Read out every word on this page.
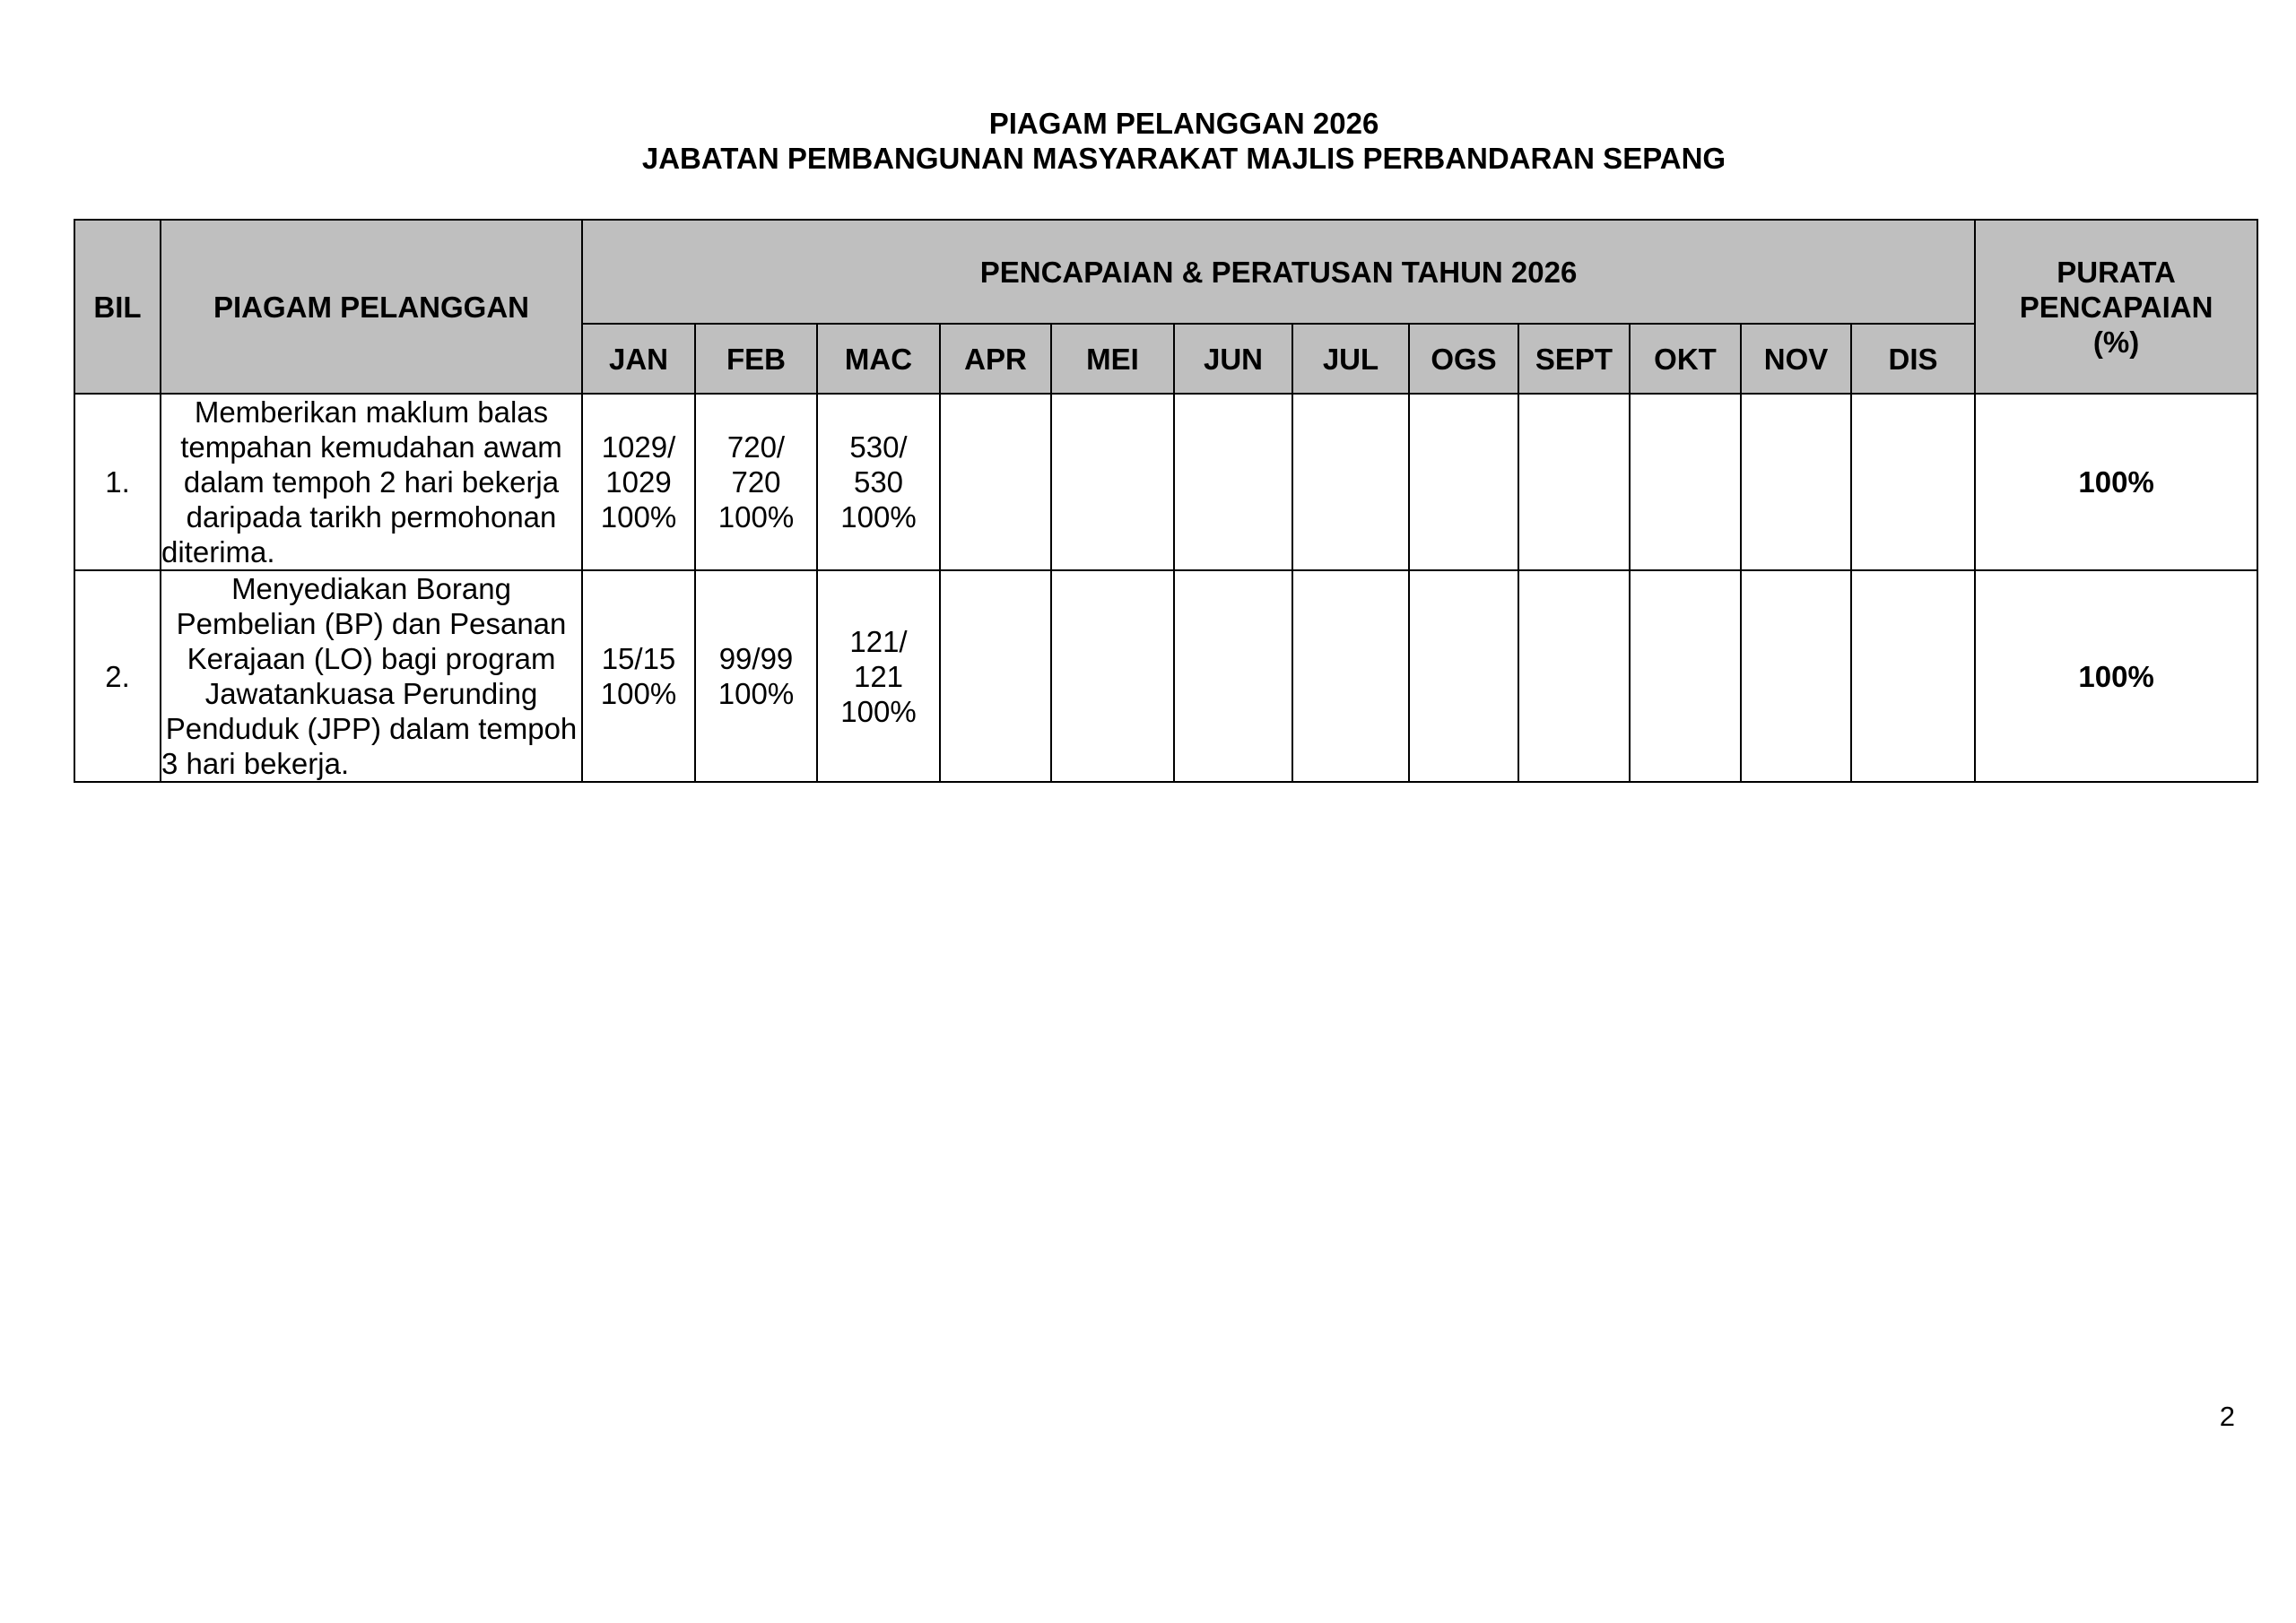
PIAGAM PELANGGAN 2026
JABATAN PEMBANGUNAN MASYARAKAT MAJLIS PERBANDARAN SEPANG
BIL	PIAGAM PELANGGAN	PENCAPAIAN & PERATUSAN TAHUN 2026												PURATA
PENCAPAIAN
(%)
		JAN	FEB	MAC	APR	MEI	JUN	JUL	OGS	SEPT	OKT	NOV	DIS	
1.	Memberikan maklum balas tempahan kemudahan awam dalam tempoh 2 hari bekerja daripada tarikh permohonan diterima.	1029/
1029
100%	720/
720
100%	530/
530
100%										100%
2.	Menyediakan Borang Pembelian (BP) dan Pesanan Kerajaan (LO) bagi program Jawatankuasa Perunding Penduduk (JPP) dalam tempoh 3 hari bekerja.	15/15
100%	99/99
100%	121/
121
100%										100%
2
